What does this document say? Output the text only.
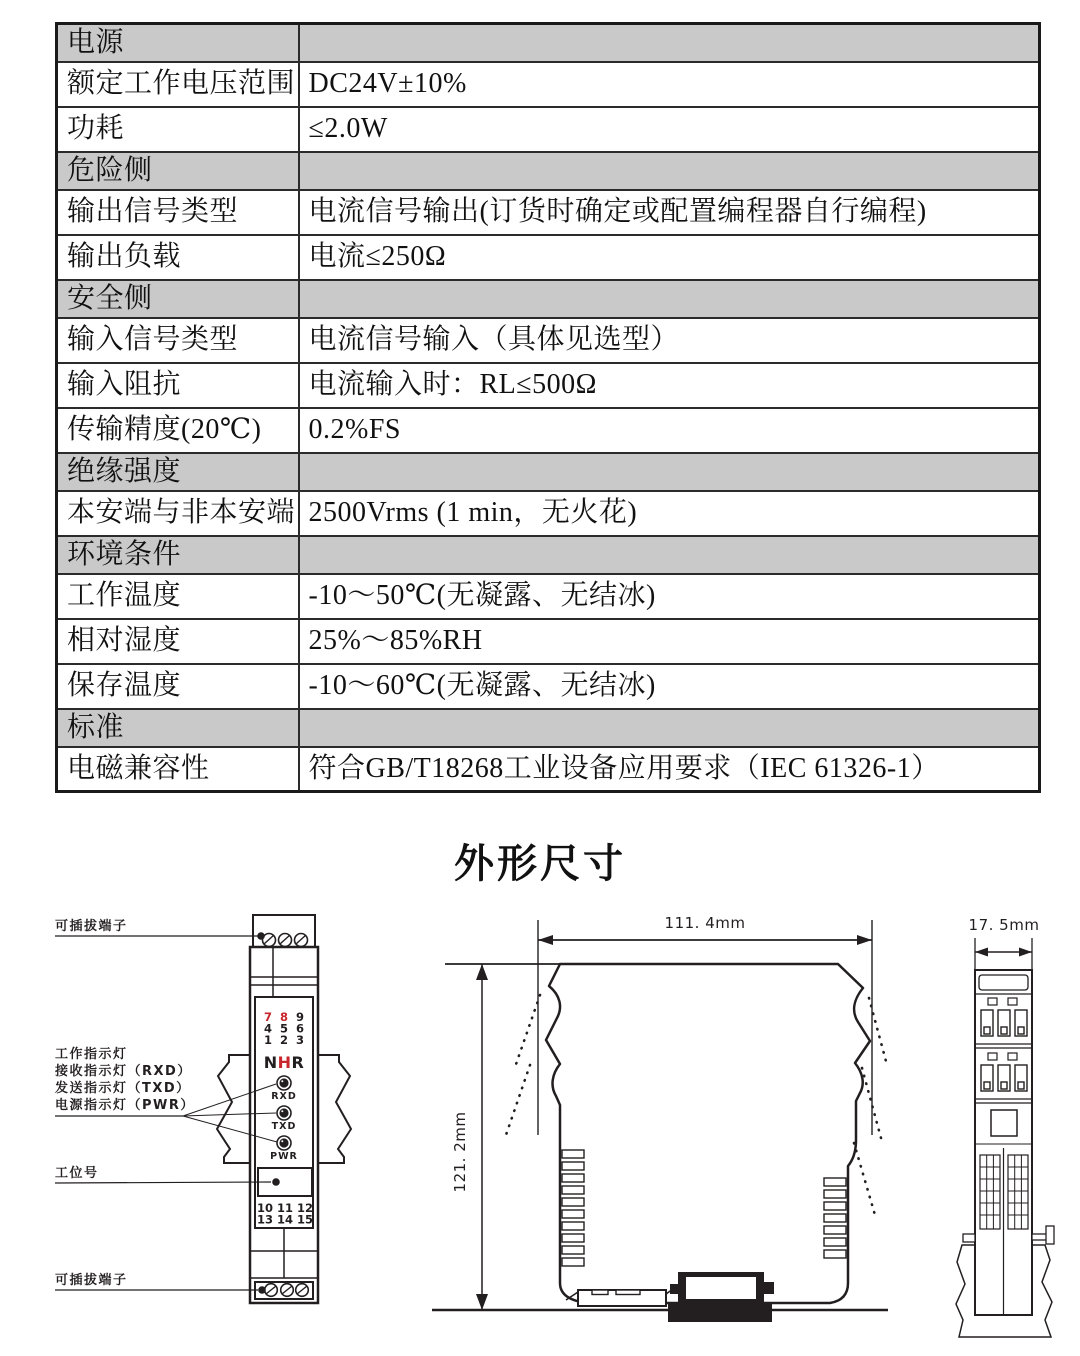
电源	
额定工作电压范围	DC24V±10%
功耗	≤2.0W
危险侧	
输出信号类型	电流信号输出(订货时确定或配置编程器自行编程)
输出负载	电流≤250Ω
安全侧	
输入信号类型	电流信号输入（具体见选型）
输入阻抗	电流输入时：RL≤500Ω
传输精度(20℃)	0.2%FS
绝缘强度	
本安端与非本安端	2500Vrms (1 min，无火花)
环境条件	
工作温度	-10～50℃(无凝露、无结冰)
相对湿度	25%～85%RH
保存温度	-10～60℃(无凝露、无结冰)
标准	
电磁兼容性	符合GB/T18268工业设备应用要求（IEC 61326-1）
外形尺寸
7 8 9
4 5 6
1 2 3
NHR
RXD
TXD
PWR
10 11 12
13 14 15
可插拔端子
工作指示灯
接收指示灯（RXD）
发送指示灯（TXD）
电源指示灯（PWR）
工位号
可插拔端子
111. 4mm
121. 2mm
17. 5mm
